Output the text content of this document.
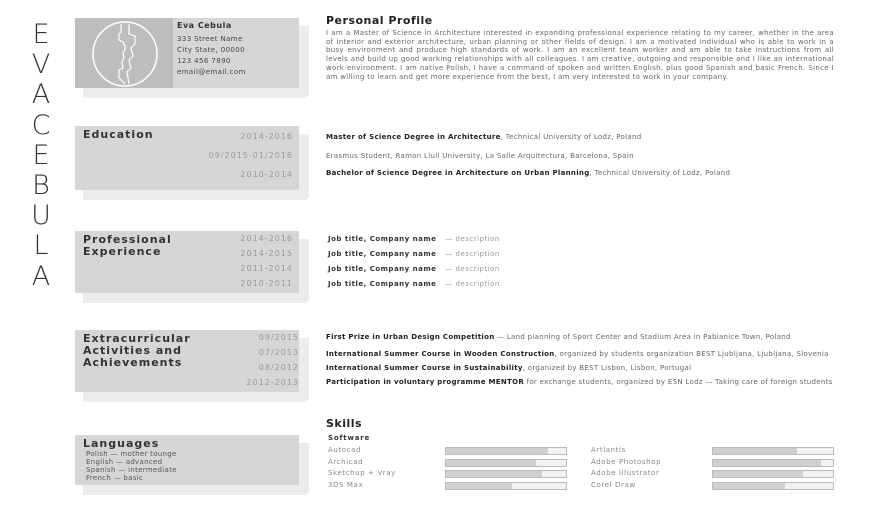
E
V
A
C
E
B
U
L
A
Eva Cebula
333 Street Name
City State, 00000
123 456 7890
email@email.com
Personal Profile
I am a Master of Science in Architecture interested in expanding professional experience relating to my career, whether in the area of interior and exterior architecture, urban planning or other fields of design. I am a motivated individual who is able to work in a busy environment and produce high standards of work. I am an excellent team worker and am able to take instructions from all levels and build up good working relationships with all colleagues. I am creative, outgoing and responsible and I like an international work environment. I am native Polish, I have a command of spoken and written English, plus good Spanish and basic French. Since I am willing to learn and get more experience from the best, I am very interested to work in your company.
Education	2014-2016
09/2015-01/2016
2010-2014
Master of Science Degree in Architecture, Technical University of Lodz, Poland
Erasmus Student, Ramon Llull University, La Salle Arquitectura, Barcelona, Spain
Bachelor of Science Degree in Architecture on Urban Planning, Technical University of Lodz, Poland
Professional
Experience
2014-2016
2014-2015
2011-2014
2010-2011
Job title, Company name — description
Job title, Company name — description
Job title, Company name — description
Job title, Company name — description
Extracurricular
Activities and
Achievements
09/2015
07/2013
08/2012
2012-2013
First Prize in Urban Design Competition — Land planning of Sport Center and Stadium Area in Pabianice Town, Poland
International Summer Course in Wooden Construction, organized by students organization BEST Ljubljana, Ljubljana, Slovenia
International Summer Course in Sustainability, organized by BEST Lisbon, Lisbon, Portugal
Participation in voluntary programme MENTOR for exchange students, organized by ESN Lodz — Taking care of foreign students
Skills
Software
Autocad
Archicad
Sketchup + Vray
3DS Max
Artlantis
Adobe Photoshop
Adobe Illustrator
Corel Draw
Languages
Polish — mother tounge
English — advanced
Spanish — intermediate
French — basic
